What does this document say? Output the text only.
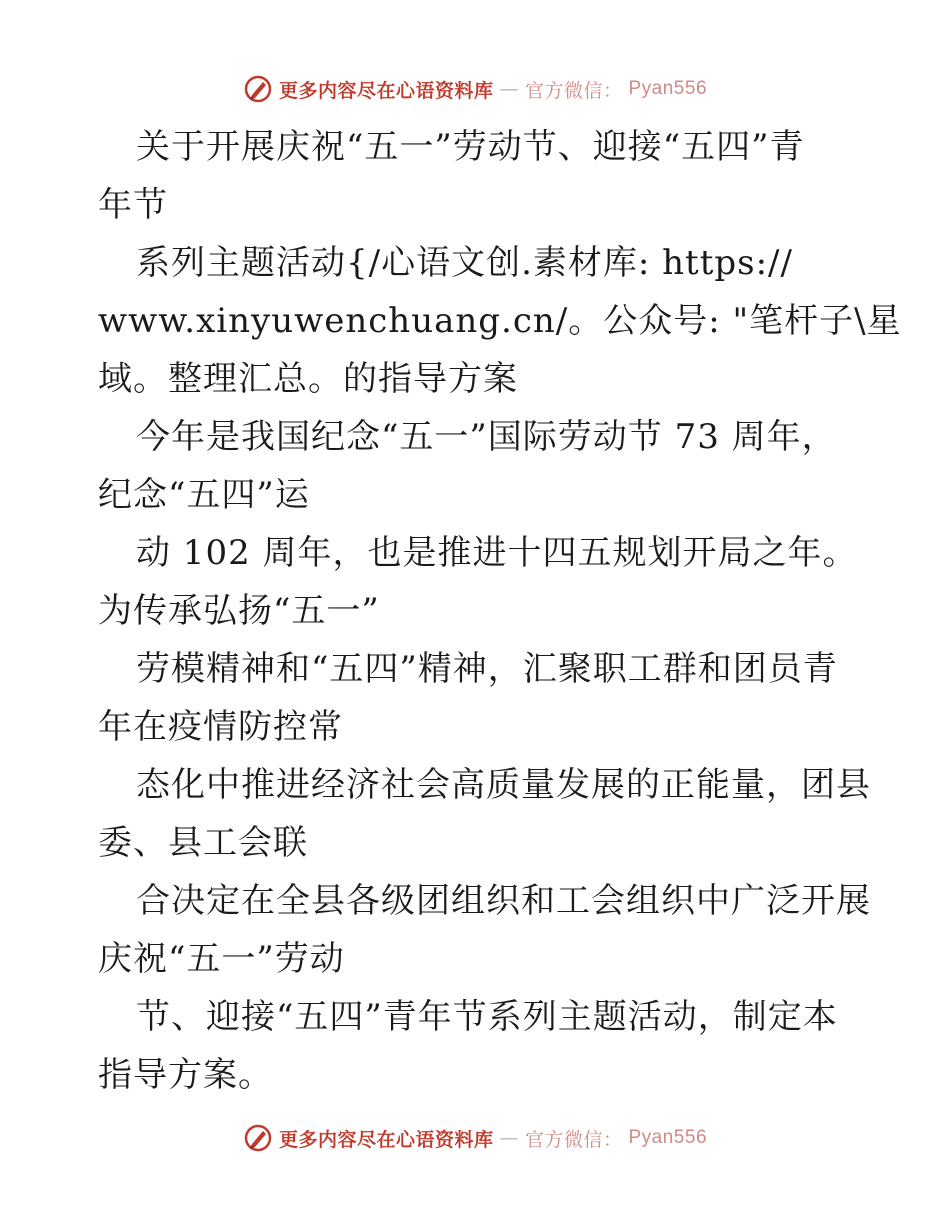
更多内容尽在心语资料库 — 官方微信： Pyan556
关于开展庆祝“五一”劳动节、迎接“五四”青
年节
系列主题活动{/心语文创.素材库: https://
www.xinyuwenchuang.cn/。公众号: "笔杆子\星
域。整理汇总。的指导方案
今年是我国纪念“五一”国际劳动节 73 周年，
纪念“五四”运
动 102 周年，也是推进十四五规划开局之年。
为传承弘扬“五一”
劳模精神和“五四”精神，汇聚职工群和团员青
年在疫情防控常
态化中推进经济社会高质量发展的正能量，团县
委、县工会联
合决定在全县各级团组织和工会组织中广泛开展
庆祝“五一”劳动
节、迎接“五四”青年节系列主题活动，制定本
指导方案。
更多内容尽在心语资料库 — 官方微信： Pyan556
